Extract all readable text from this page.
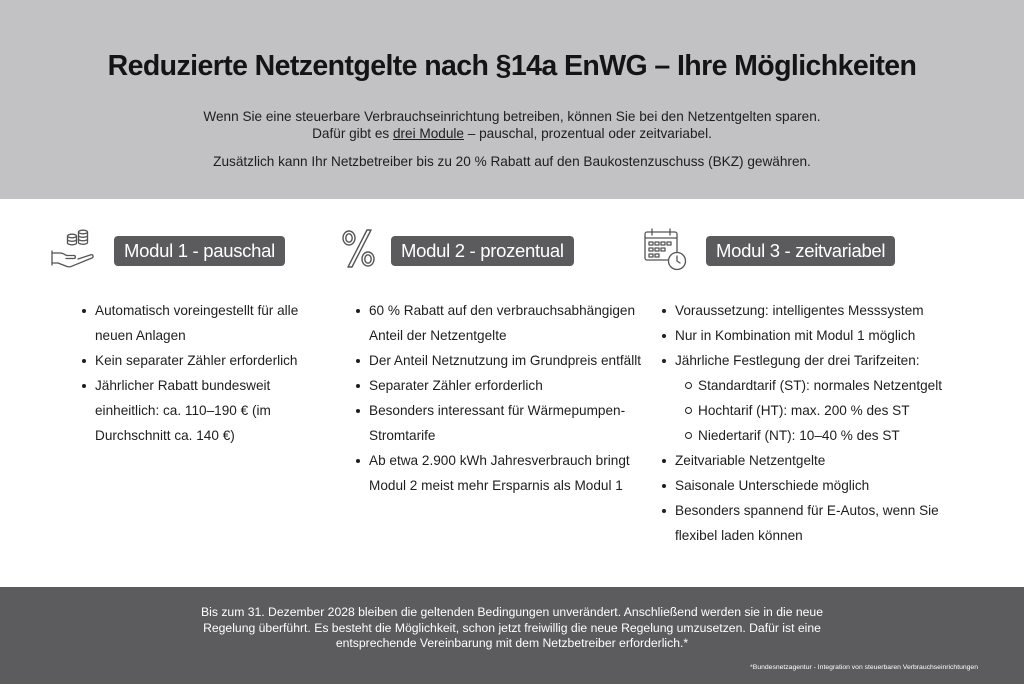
Reduzierte Netzentgelte nach §14a EnWG – Ihre Möglichkeiten

Wenn Sie eine steuerbare Verbrauchseinrichtung betreiben, können Sie bei den Netzentgelten sparen.
Dafür gibt es drei Module – pauschal, prozentual oder zeitvariabel.

Zusätzlich kann Ihr Netzbetreiber bis zu 20 % Rabatt auf den Baukostenzuschuss (BKZ) gewähren.

Modul 1 - pauschal
Automatisch voreingestellt für alle neuen Anlagen
Kein separater Zähler erforderlich
Jährlicher Rabatt bundesweit einheitlich: ca. 110–190 € (im Durchschnitt ca. 140 €)
Modul 2 - prozentual
60 % Rabatt auf den verbrauchsabhängigen Anteil der Netzentgelte
Der Anteil Netznutzung im Grundpreis entfällt
Separater Zähler erforderlich
Besonders interessant für Wärmepumpen-Stromtarife
Ab etwa 2.900 kWh Jahresverbrauch bringt Modul 2 meist mehr Ersparnis als Modul 1
Modul 3 - zeitvariabel
Voraussetzung: intelligentes Messsystem
Nur in Kombination mit Modul 1 möglich
Jährliche Festlegung der drei Tarifzeiten:
Standardtarif (ST): normales Netzentgelt
Hochtarif (HT): max. 200 % des ST
Niedertarif (NT): 10–40 % des ST
Zeitvariable Netzentgelte
Saisonale Unterschiede möglich
Besonders spannend für E-Autos, wenn Sie flexibel laden können

Bis zum 31. Dezember 2028 bleiben die geltenden Bedingungen unverändert. Anschließend werden sie in die neue Regelung überführt. Es besteht die Möglichkeit, schon jetzt freiwillig die neue Regelung umzusetzen. Dafür ist eine entsprechende Vereinbarung mit dem Netzbetreiber erforderlich.*

*Bundesnetzagentur - Integration von steuerbaren Verbrauchseinrichtungen
